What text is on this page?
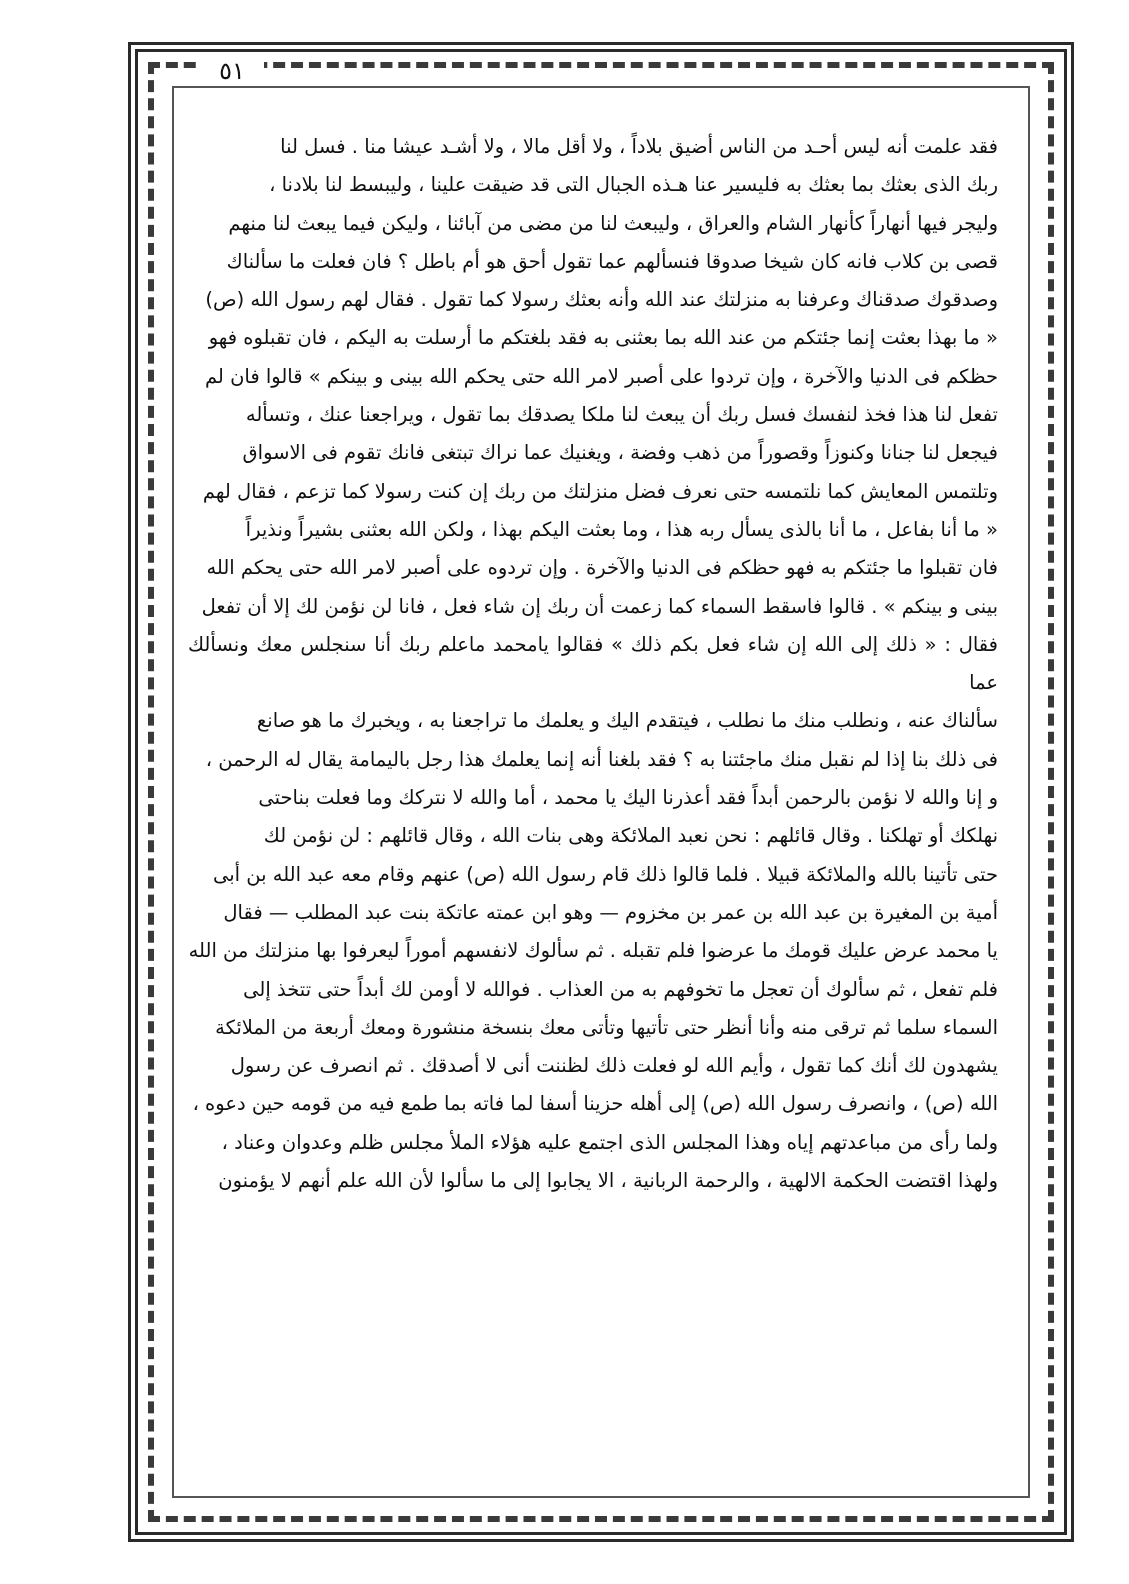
٥١

فقد علمت أنه ليس أحـد من الناس أضيق بلاداً ، ولا أقل مالا ، ولا أشـد عيشا منا . فسل لنا

ربك الذى بعثك بما بعثك به فليسير عنا هـذه الجبال التى قد ضيقت علينا ، وليبسط لنا بلادنا ،

وليجر فيها أنهاراً كأنهار الشام والعراق ، وليبعث لنا من مضى من آبائنا ، وليكن فيما يبعث لنا منهم

قصى بن كلاب فانه كان شيخا صدوقا فنسألهم عما تقول أحق هو أم باطل ؟ فان فعلت ما سألناك

وصدقوك صدقناك وعرفنا به منزلتك عند الله وأنه بعثك رسولا كما تقول . فقال لهم رسول الله (ص)

« ما بهذا بعثت إنما جئتكم من عند الله بما بعثنى به فقد بلغتكم ما أرسلت به اليكم ، فان تقبلوه فهو

حظكم فى الدنيا والآخرة ، وإن تردوا على أصبر لامر الله حتى يحكم الله بينى و بينكم » قالوا فان لم

تفعل لنا هذا فخذ لنفسك فسل ربك أن يبعث لنا ملكا يصدقك بما تقول ، ويراجعنا عنك ، وتسأله

فيجعل لنا جنانا وكنوزاً وقصوراً من ذهب وفضة ، ويغنيك عما نراك تبتغى فانك تقوم فى الاسواق

وتلتمس المعايش كما نلتمسه حتى نعرف فضل منزلتك من ربك إن كنت رسولا كما تزعم ، فقال لهم

« ما أنا بفاعل ، ما أنا بالذى يسأل ربه هذا ، وما بعثت اليكم بهذا ، ولكن الله بعثنى بشيراً ونذيراً

فان تقبلوا ما جئتكم به فهو حظكم فى الدنيا والآخرة . وإن تردوه على أصبر لامر الله حتى يحكم الله

بينى و بينكم » . قالوا فاسقط السماء كما زعمت أن ربك إن شاء فعل ، فانا لن نؤمن لك إلا أن تفعل

فقال : « ذلك إلى الله إن شاء فعل بكم ذلك » فقالوا يامحمد ماعلم ربك أنا سنجلس معك ونسألك عما

سألناك عنه ، ونطلب منك ما نطلب ، فيتقدم اليك و يعلمك ما تراجعنا به ، ويخبرك ما هو صانع

فى ذلك بنا إذا لم نقبل منك ماجئتنا به ؟ فقد بلغنا أنه إنما يعلمك هذا رجل باليمامة يقال له الرحمن ،

و إنا والله لا نؤمن بالرحمن أبداً فقد أعذرنا اليك يا محمد ، أما والله لا نتركك وما فعلت بناحتى

نهلكك أو تهلكنا . وقال قائلهم : نحن نعبد الملائكة وهى بنات الله ، وقال قائلهم : لن نؤمن لك

حتى تأتينا بالله والملائكة قبيلا . فلما قالوا ذلك قام رسول الله (ص) عنهم وقام معه عبد الله بن أبى

أمية بن المغيرة بن عبد الله بن عمر بن مخزوم — وهو ابن عمته عاتكة بنت عبد المطلب — فقال

يا محمد عرض عليك قومك ما عرضوا فلم تقبله . ثم سألوك لانفسهم أموراً ليعرفوا بها منزلتك من الله

فلم تفعل ، ثم سألوك أن تعجل ما تخوفهم به من العذاب . فوالله لا أومن لك أبداً حتى تتخذ إلى

السماء سلما ثم ترقى منه وأنا أنظر حتى تأتيها وتأتى معك بنسخة منشورة ومعك أربعة من الملائكة

يشهدون لك أنك كما تقول ، وأيم الله لو فعلت ذلك لظننت أنى لا أصدقك . ثم انصرف عن رسول

الله (ص) ، وانصرف رسول الله (ص) إلى أهله حزينا أسفا لما فاته بما طمع فيه من قومه حين دعوه ،

ولما رأى من مباعدتهم إياه وهذا المجلس الذى اجتمع عليه هؤلاء الملأ مجلس ظلم وعدوان وعناد ،

ولهذا اقتضت الحكمة الالهية ، والرحمة الربانية ، الا يجابوا إلى ما سألوا لأن الله علم أنهم لا يؤمنون
